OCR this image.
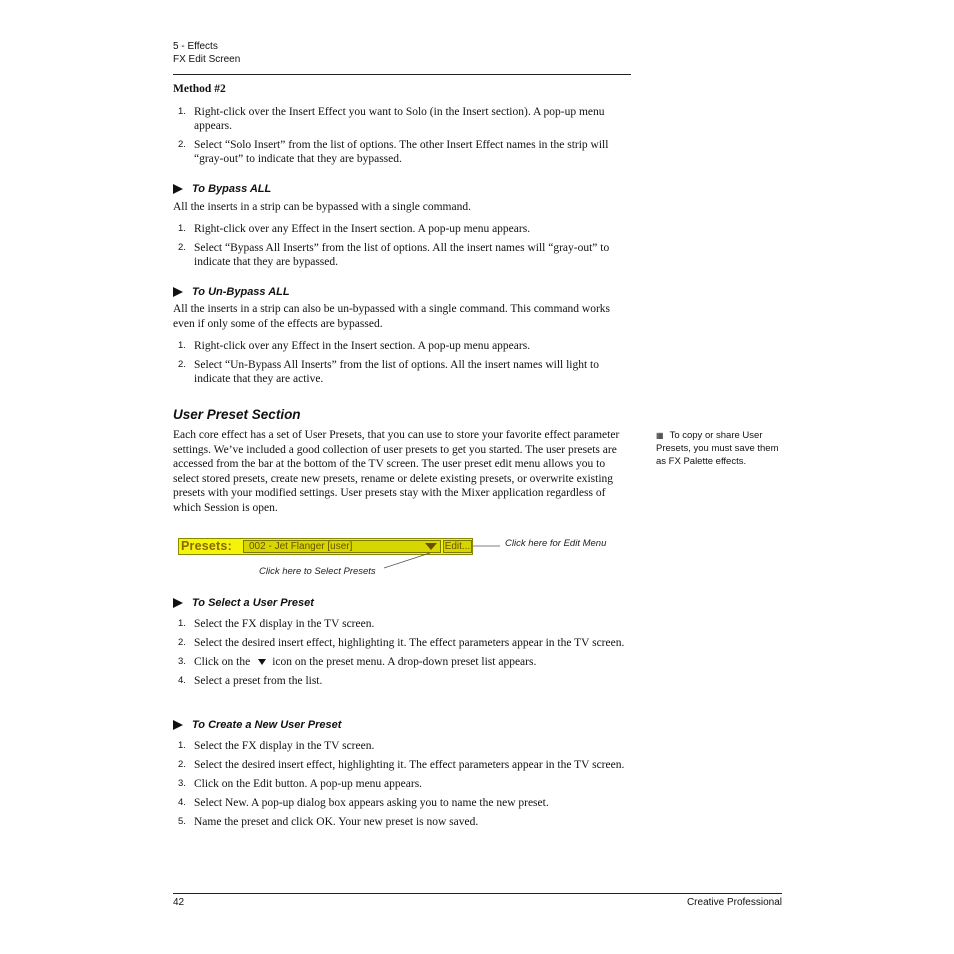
5 - Effects
FX Edit Screen
Method #2
1. Right-click over the Insert Effect you want to Solo (in the Insert section). A pop-up menu appears.
2. Select “Solo Insert” from the list of options. The other Insert Effect names in the strip will “gray-out” to indicate that they are bypassed.
To Bypass ALL

All the inserts in a strip can be bypassed with a single command.

1. Right-click over any Effect in the Insert section. A pop-up menu appears.
2. Select “Bypass All Inserts” from the list of options. All the insert names will “gray-out” to indicate that they are bypassed.
To Un-Bypass ALL

All the inserts in a strip can also be un-bypassed with a single command. This command works even if only some of the effects are bypassed.

1. Right-click over any Effect in the Insert section. A pop-up menu appears.
2. Select “Un-Bypass All Inserts” from the list of options. All the insert names will light to indicate that they are active.
User Preset Section

Each core effect has a set of User Presets, that you can use to store your favorite effect parameter settings. We’ve included a good collection of user presets to get you started. The user presets are accessed from the bar at the bottom of the TV screen. The user preset edit menu allows you to select stored presets, create new presets, rename or delete existing presets, or overwrite existing presets with your modified settings. User presets stay with the Mixer application regardless of which Session is open.

▦ To copy or share User Presets, you must save them as FX Palette effects.
Presets: 002 - Jet Flanger [user]	Edit...	Click here for Edit Menu
Click here to Select Presets
To Select a User Preset
1. Select the FX display in the TV screen.
2. Select the desired insert effect, highlighting it. The effect parameters appear in the TV screen.
3. Click on the icon on the preset menu. A drop-down preset list appears.
4. Select a preset from the list.
To Create a New User Preset
1. Select the FX display in the TV screen.
2. Select the desired insert effect, highlighting it. The effect parameters appear in the TV screen.
3. Click on the Edit button. A pop-up menu appears.
4. Select New. A pop-up dialog box appears asking you to name the new preset.
5. Name the preset and click OK. Your new preset is now saved.
42	Creative Professional
